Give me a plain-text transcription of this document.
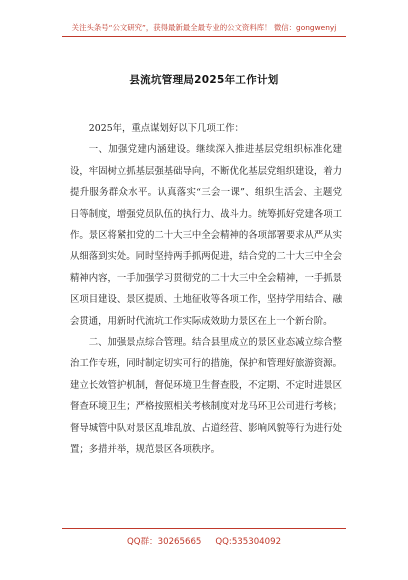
关注头条号“公文研究”，获得最新最全最专业的公文资料库！ 微信：gongwenyj
县流坑管理局2025年工作计划

2025年，重点谋划好以下几项工作：

一、加强党建内涵建设。继续深入推进基层党组织标准化建设，牢固树立抓基层强基础导向，不断优化基层党组织建设，着力提升服务群众水平。认真落实“三会一课”、组织生活会、主题党日等制度，增强党员队伍的执行力、战斗力。统筹抓好党建各项工作。景区将紧扣党的二十大三中全会精神的各项部署要求从严从实从细落到实处。同时坚持两手抓两促进，结合党的二十大三中全会精神内容，一手加强学习贯彻党的二十大三中全会精神，一手抓景区项目建设、景区提质、土地征收等各项工作，坚持学用结合、融会贯通，用新时代流坑工作实际成效助力景区在上一个新台阶。

二、加强景点综合管理。结合县里成立的景区业态减立综合整治工作专班，同时制定切实可行的措施，保护和管理好旅游资源。建立长效管护机制，督促环境卫生督查股，不定期、不定时进景区督查环境卫生；严格按照相关考核制度对龙马环卫公司进行考核；督导城管中队对景区乱堆乱放、占道经营、影响风貌等行为进行处置；多措并举，规范景区各项秩序。

QQ群：30265665 QQ:535304092
